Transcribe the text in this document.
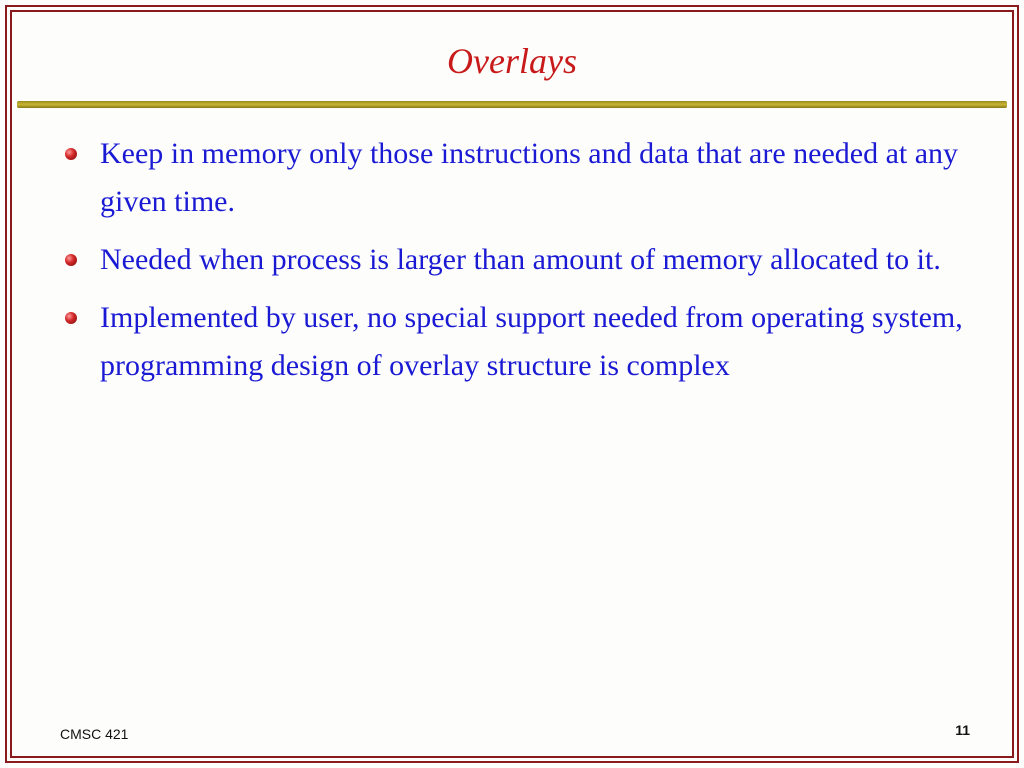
Overlays
Keep in memory only those instructions and data that are needed at any given time.
Needed when process is larger than amount of memory allocated to it.
Implemented by user, no special support needed from operating system, programming design of overlay structure is complex
CMSC 421	11
